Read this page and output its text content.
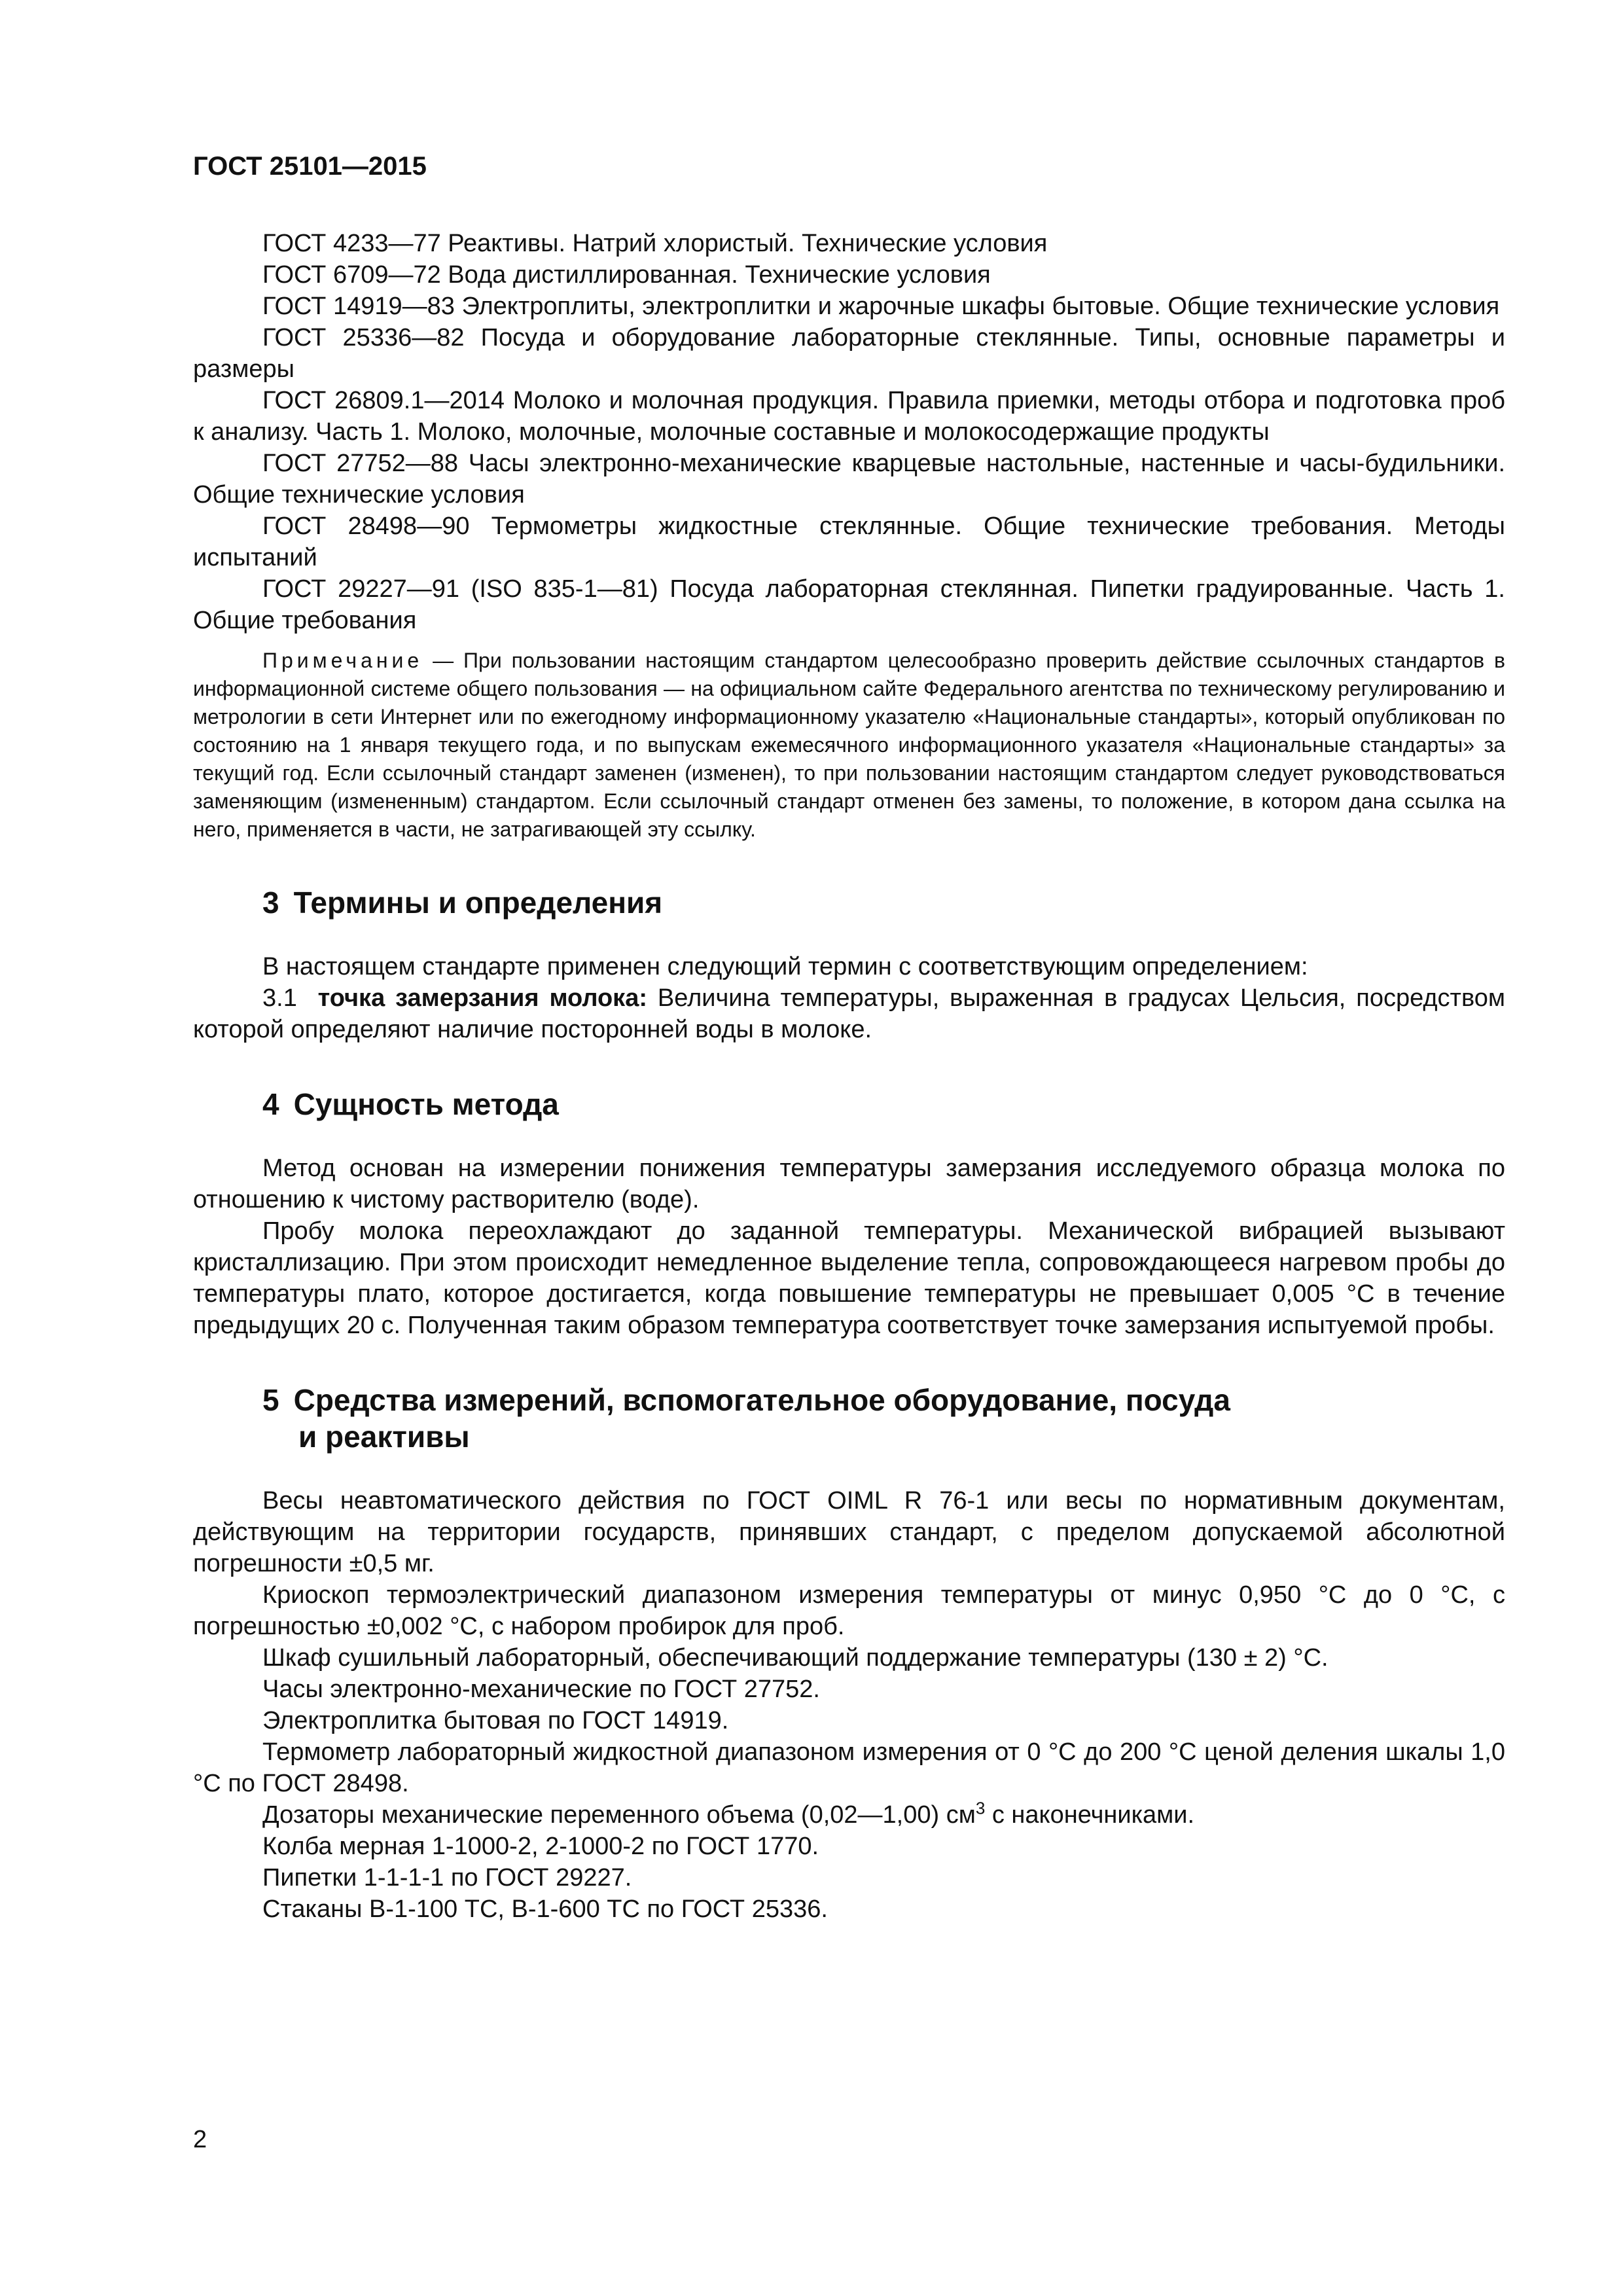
ГОСТ 25101—2015

ГОСТ 4233—77 Реактивы. Натрий хлористый. Технические условия

ГОСТ 6709—72 Вода дистиллированная. Технические условия

ГОСТ 14919—83 Электроплиты, электроплитки и жарочные шкафы бытовые. Общие технические условия

ГОСТ 25336—82 Посуда и оборудование лабораторные стеклянные. Типы, основные параметры и размеры

ГОСТ 26809.1—2014 Молоко и молочная продукция. Правила приемки, методы отбора и подготовка проб к анализу. Часть 1. Молоко, молочные, молочные составные и молокосодержащие продукты

ГОСТ 27752—88 Часы электронно-механические кварцевые настольные, настенные и часы-будильники. Общие технические условия

ГОСТ 28498—90 Термометры жидкостные стеклянные. Общие технические требования. Методы испытаний

ГОСТ 29227—91 (ISO 835-1—81) Посуда лабораторная стеклянная. Пипетки градуированные. Часть 1. Общие требования

Примечание — При пользовании настоящим стандартом целесообразно проверить действие ссылочных стандартов в информационной системе общего пользования — на официальном сайте Федерального агентства по техническому регулированию и метрологии в сети Интернет или по ежегодному информационному указателю «Национальные стандарты», который опубликован по состоянию на 1 января текущего года, и по выпускам ежемесячного информационного указателя «Национальные стандарты» за текущий год. Если ссылочный стандарт заменен (изменен), то при пользовании настоящим стандартом следует руководствоваться заменяющим (измененным) стандартом. Если ссылочный стандарт отменен без замены, то положение, в котором дана ссылка на него, применяется в части, не затрагивающей эту ссылку.

3 Термины и определения

В настоящем стандарте применен следующий термин с соответствующим определением:

3.1 точка замерзания молока: Величина температуры, выраженная в градусах Цельсия, посредством которой определяют наличие посторонней воды в молоке.

4 Сущность метода

Метод основан на измерении понижения температуры замерзания исследуемого образца молока по отношению к чистому растворителю (воде).

Пробу молока переохлаждают до заданной температуры. Механической вибрацией вызывают кристаллизацию. При этом происходит немедленное выделение тепла, сопровождающееся нагревом пробы до температуры плато, которое достигается, когда повышение температуры не превышает 0,005 °С в течение предыдущих 20 с. Полученная таким образом температура соответствует точке замерзания испытуемой пробы.

5 Средства измерений, вспомогательное оборудование, посуда
и реактивы

Весы неавтоматического действия по ГОСТ OIML R 76-1 или весы по нормативным документам, действующим на территории государств, принявших стандарт, с пределом допускаемой абсолютной погрешности ±0,5 мг.

Криоскоп термоэлектрический диапазоном измерения температуры от минус 0,950 °С до 0 °С, с погрешностью ±0,002 °С, с набором пробирок для проб.

Шкаф сушильный лабораторный, обеспечивающий поддержание температуры (130 ± 2) °С.

Часы электронно-механические по ГОСТ 27752.

Электроплитка бытовая по ГОСТ 14919.

Термометр лабораторный жидкостной диапазоном измерения от 0 °С до 200 °С ценой деления шкалы 1,0 °С по ГОСТ 28498.

Дозаторы механические переменного объема (0,02—1,00) $см^3$ с наконечниками.

Колба мерная 1-1000-2, 2-1000-2 по ГОСТ 1770.

Пипетки 1-1-1-1 по ГОСТ 29227.

Стаканы В-1-100 ТС, В-1-600 ТС по ГОСТ 25336.

2
